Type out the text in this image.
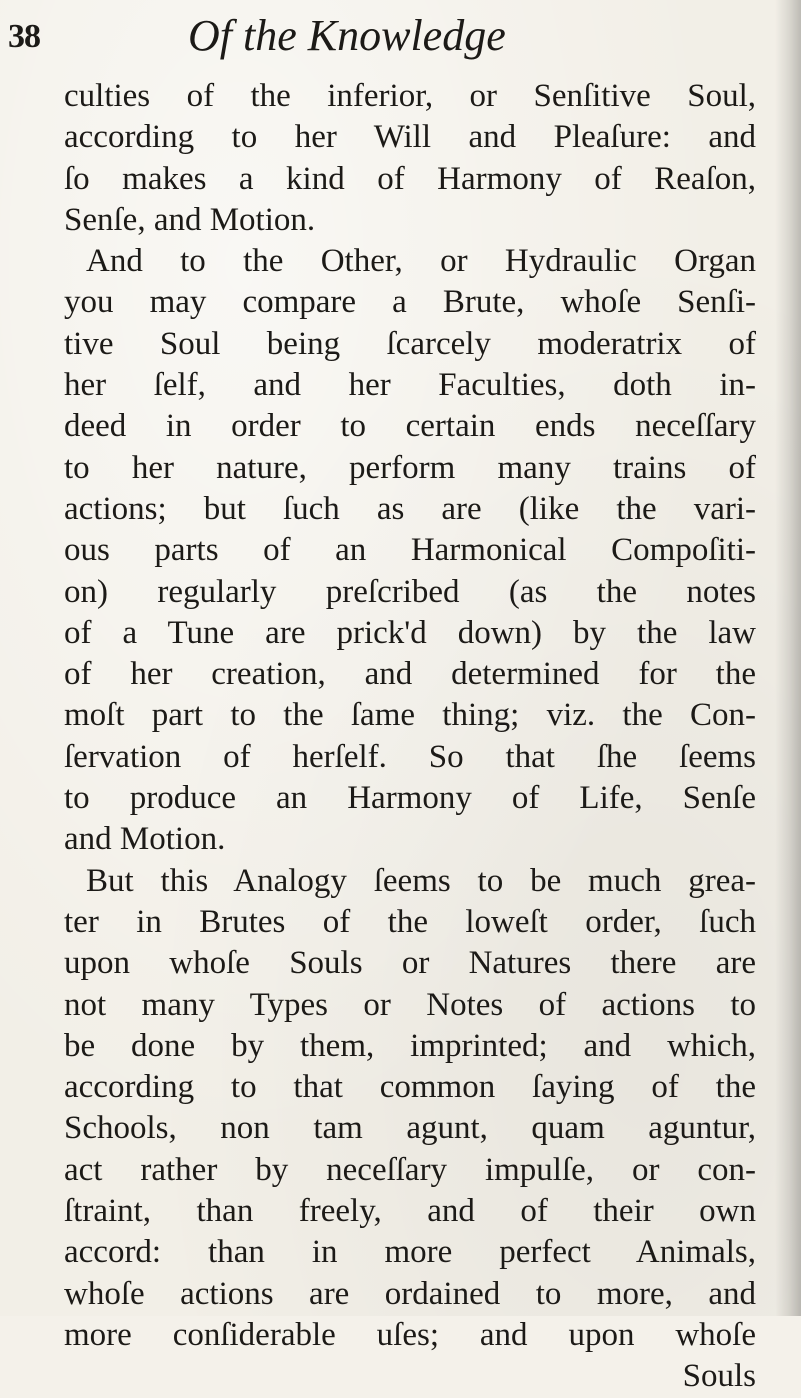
38	Of the Knowledge
culties of the inferior, or Senſitive Soul,
according to her Will and Pleaſure: and
ſo makes a kind of Harmony of Reaſon,
Senſe, and Motion.
And to the Other, or Hydraulic Organ
you may compare a Brute, whoſe Senſi-
tive Soul being ſcarcely moderatrix of
her ſelf, and her Faculties, doth in-
deed in order to certain ends neceſſary
to her nature, perform many trains of
actions; but ſuch as are (like the vari-
ous parts of an Harmonical Compoſiti-
on) regularly preſcribed (as the notes
of a Tune are prick'd down) by the law
of her creation, and determined for the
moſt part to the ſame thing; viz. the Con-
ſervation of herſelf. So that ſhe ſeems
to produce an Harmony of Life, Senſe
and Motion.
But this Analogy ſeems to be much grea-
ter in Brutes of the loweſt order, ſuch
upon whoſe Souls or Natures there are
not many Types or Notes of actions to
be done by them, imprinted; and which,
according to that common ſaying of the
Schools, non tam agunt, quam aguntur,
act rather by neceſſary impulſe, or con-
ſtraint, than freely, and of their own
accord: than in more perfect Animals,
whoſe actions are ordained to more, and
more conſiderable uſes; and upon whoſe
Souls
